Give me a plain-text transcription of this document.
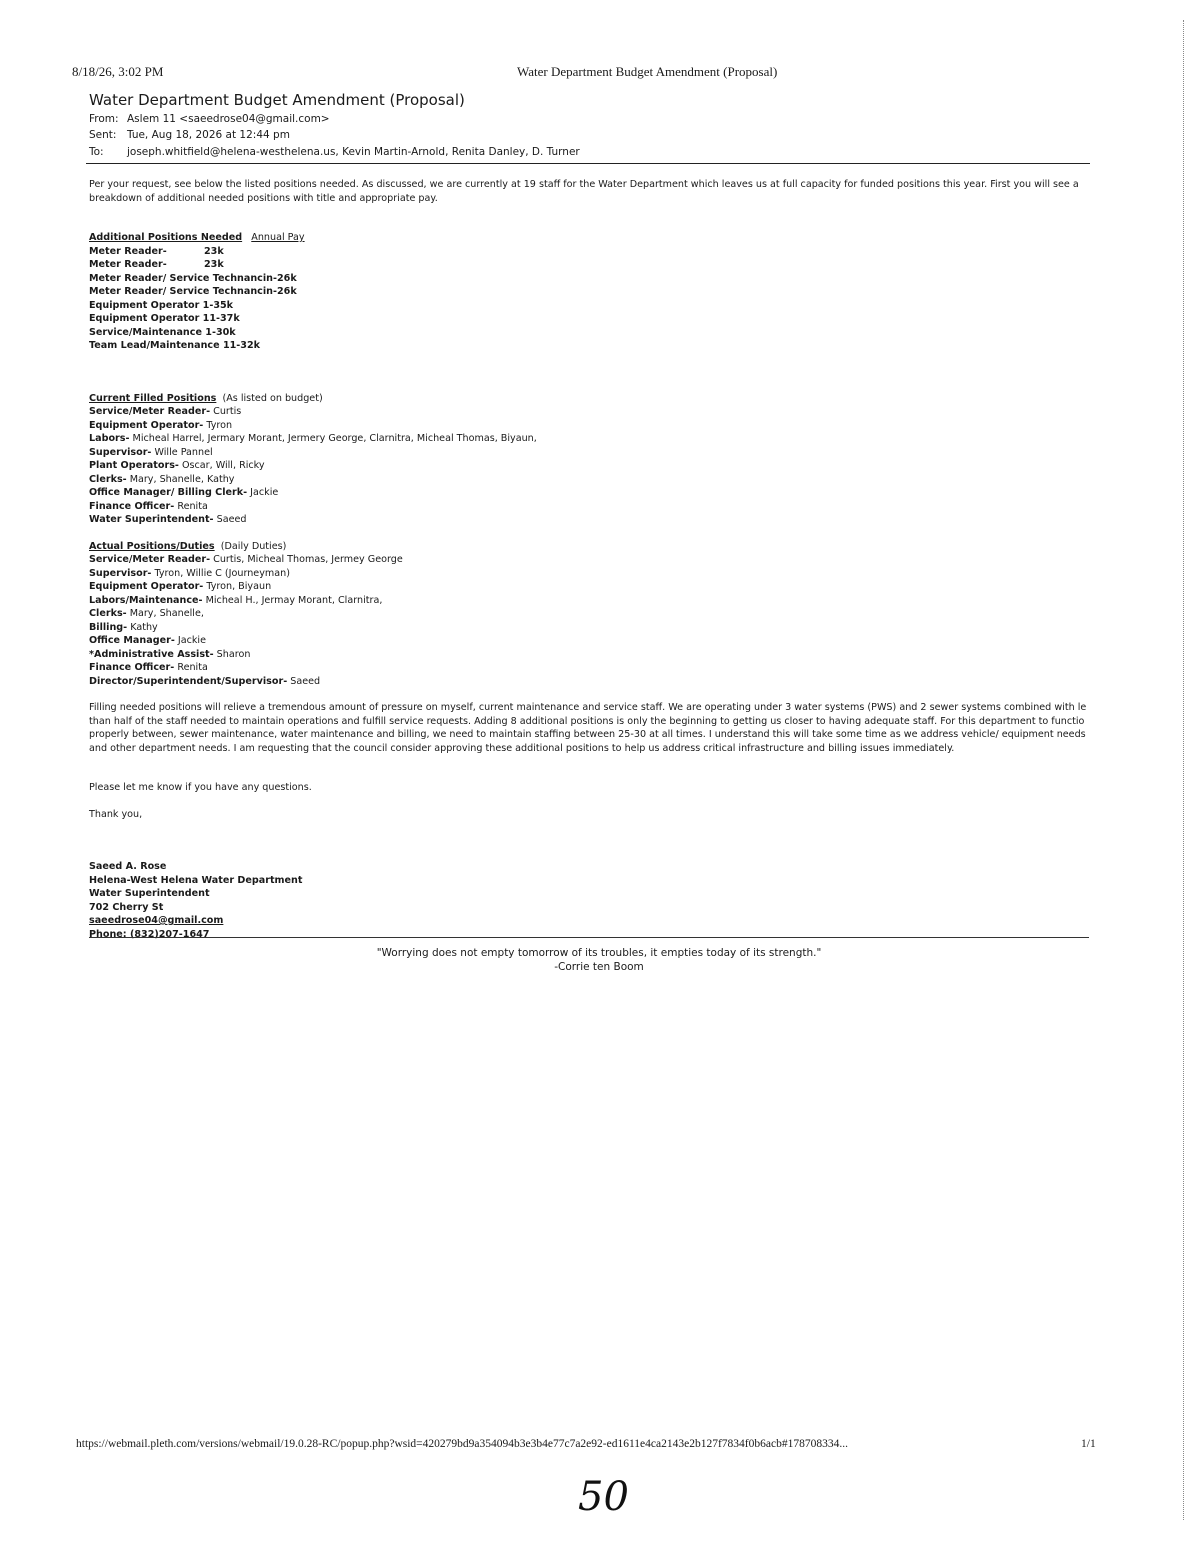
8/18/26, 3:02 PM	Water Department Budget Amendment (Proposal)
Water Department Budget Amendment (Proposal)
From: Aslem 11 <saeedrose04@gmail.com>
Sent: Tue, Aug 18, 2026 at 12:44 pm
To: joseph.whitfield@helena-westhelena.us, Kevin Martin-Arnold, Renita Danley, D. Turner

Per your request, see below the listed positions needed. As discussed, we are currently at 19 staff for the Water Department which leaves us at full capacity for funded positions this year. First you will see a breakdown of additional needed positions with title and appropriate pay.

Additional Positions Needed Annual Pay
Meter Reader-	23k
Meter Reader-	23k
Meter Reader/ Service Technancin-26k
Meter Reader/ Service Technancin-26k
Equipment Operator 1-35k
Equipment Operator 11-37k
Service/Maintenance 1-30k
Team Lead/Maintenance 11-32k
Current Filled Positions (As listed on budget)
Service/Meter Reader- Curtis
Equipment Operator- Tyron
Labors- Micheal Harrel, Jermary Morant, Jermery George, Clarnitra, Micheal Thomas, Biyaun,
Supervisor- Wille Pannel
Plant Operators- Oscar, Will, Ricky
Clerks- Mary, Shanelle, Kathy
Office Manager/ Billing Clerk- Jackie
Finance Officer- Renita
Water Superintendent- Saeed
Actual Positions/Duties (Daily Duties)
Service/Meter Reader- Curtis, Micheal Thomas, Jermey George
Supervisor- Tyron, Willie C (Journeyman)
Equipment Operator- Tyron, Biyaun
Labors/Maintenance- Micheal H., Jermay Morant, Clarnitra,
Clerks- Mary, Shanelle,
Billing- Kathy
Office Manager- Jackie
*Administrative Assist- Sharon
Finance Officer- Renita
Director/Superintendent/Supervisor- Saeed

Filling needed positions will relieve a tremendous amount of pressure on myself, current maintenance and service staff. We are operating under 3 water systems (PWS) and 2 sewer systems combined with le than half of the staff needed to maintain operations and fulfill service requests. Adding 8 additional positions is only the beginning to getting us closer to having adequate staff. For this department to functio properly between, sewer maintenance, water maintenance and billing, we need to maintain staffing between 25-30 at all times. I understand this will take some time as we address vehicle/ equipment needs and other department needs. I am requesting that the council consider approving these additional positions to help us address critical infrastructure and billing issues immediately.

Please let me know if you have any questions.

Thank you,

Saeed A. Rose
Helena-West Helena Water Department
Water Superintendent
702 Cherry St
saeedrose04@gmail.com
Phone: (832)207-1647
"Worrying does not empty tomorrow of its troubles, it empties today of its strength."
-Corrie ten Boom
https://webmail.pleth.com/versions/webmail/19.0.28-RC/popup.php?wsid=420279bd9a354094b3e3b4e77c7a2e92-ed1611e4ca2143e2b127f7834f0b6acb#178708334...	1/1
50
